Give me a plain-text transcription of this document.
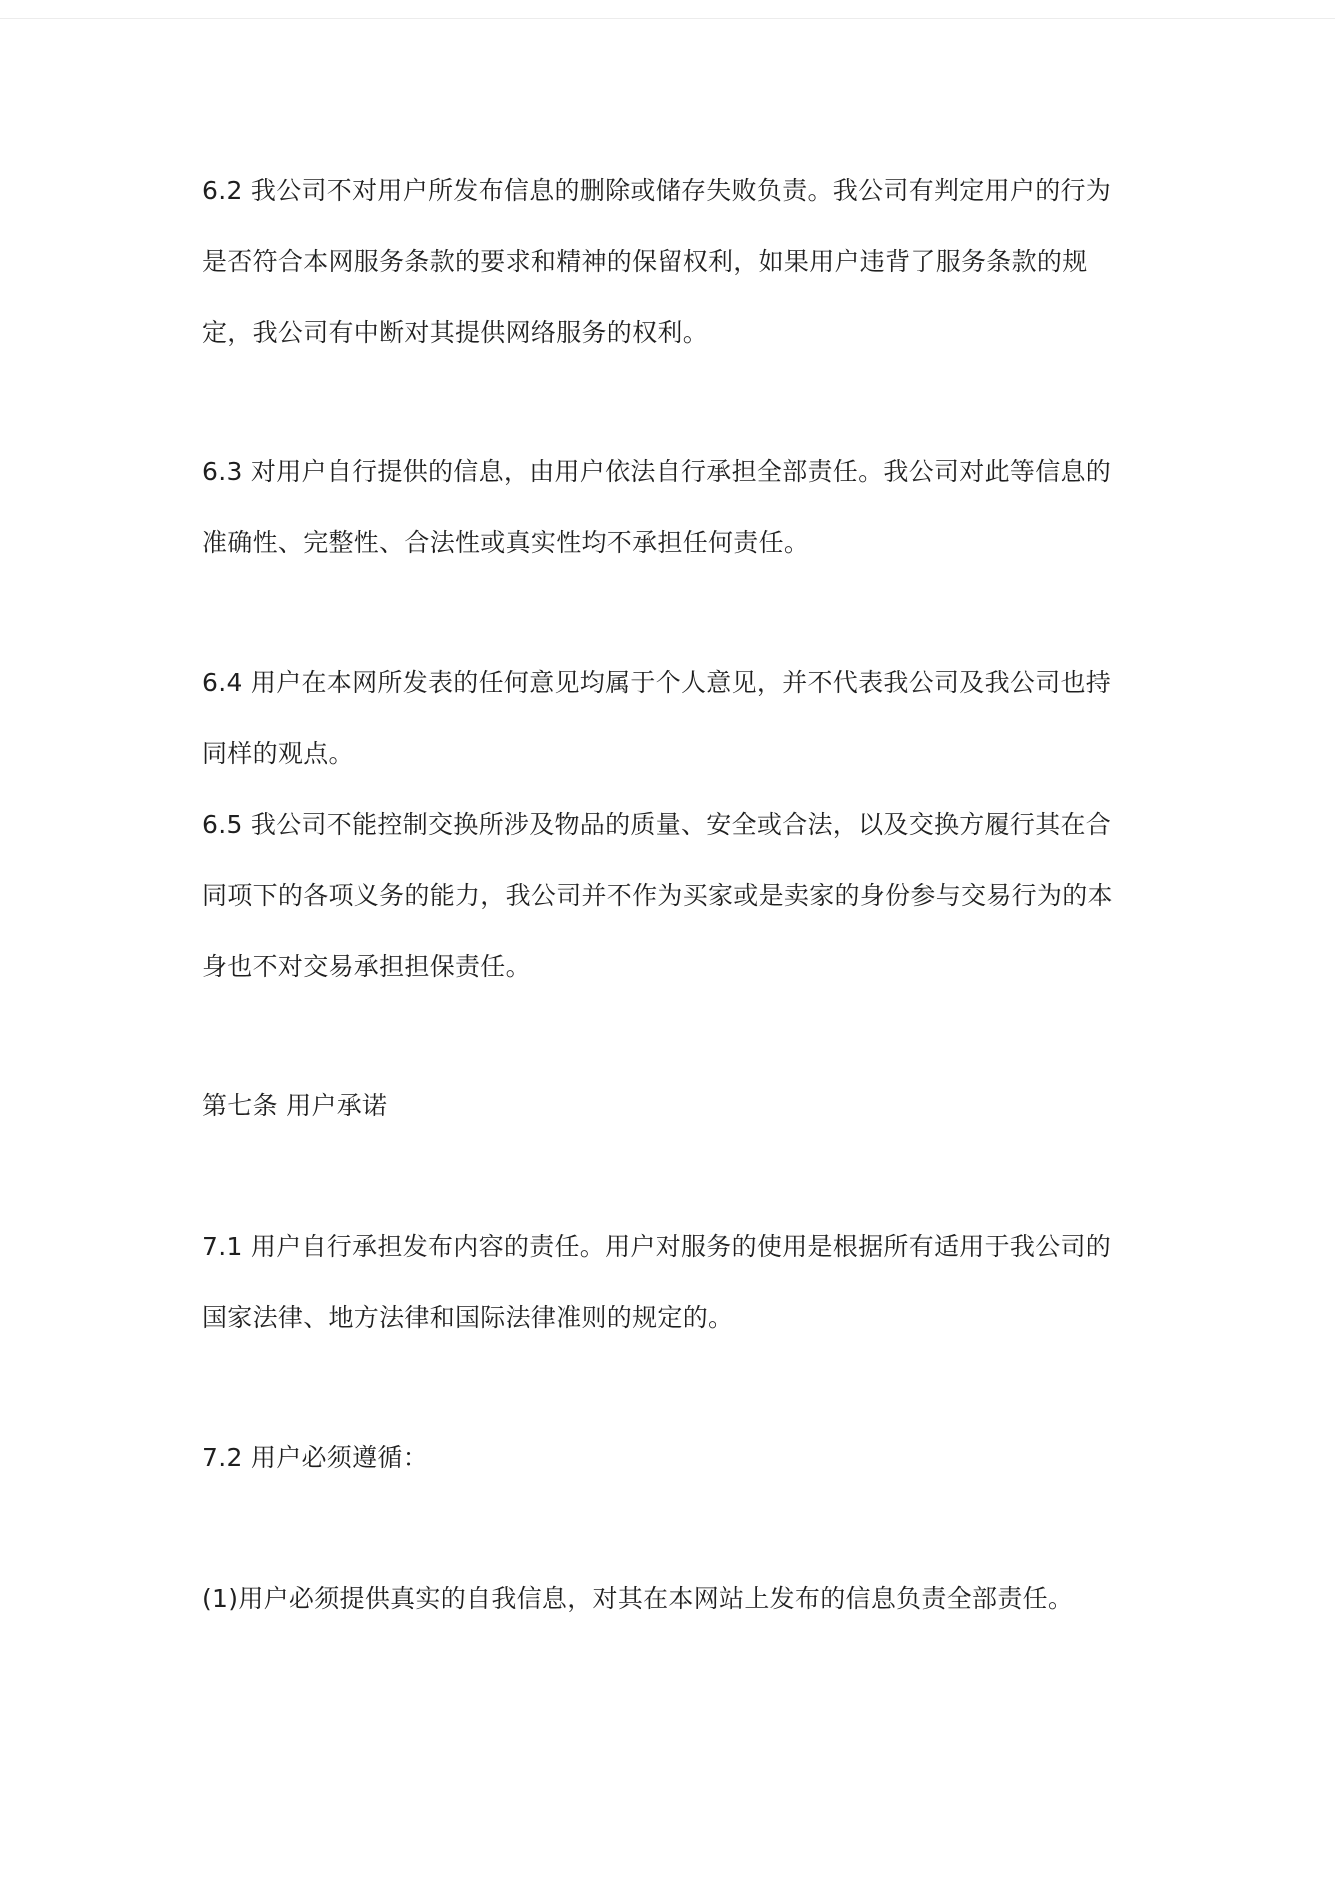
6.2 我公司不对用户所发布信息的删除或储存失败负责。我公司有判定用户的行为
是否符合本网服务条款的要求和精神的保留权利，如果用户违背了服务条款的规
定，我公司有中断对其提供网络服务的权利。

6.3 对用户自行提供的信息，由用户依法自行承担全部责任。我公司对此等信息的
准确性、完整性、合法性或真实性均不承担任何责任。

6.4 用户在本网所发表的任何意见均属于个人意见，并不代表我公司及我公司也持
同样的观点。

6.5 我公司不能控制交换所涉及物品的质量、安全或合法，以及交换方履行其在合
同项下的各项义务的能力，我公司并不作为买家或是卖家的身份参与交易行为的本
身也不对交易承担担保责任。

第七条 用户承诺

7.1 用户自行承担发布内容的责任。用户对服务的使用是根据所有适用于我公司的
国家法律、地方法律和国际法律准则的规定的。

7.2 用户必须遵循：

(1)用户必须提供真实的自我信息，对其在本网站上发布的信息负责全部责任。
